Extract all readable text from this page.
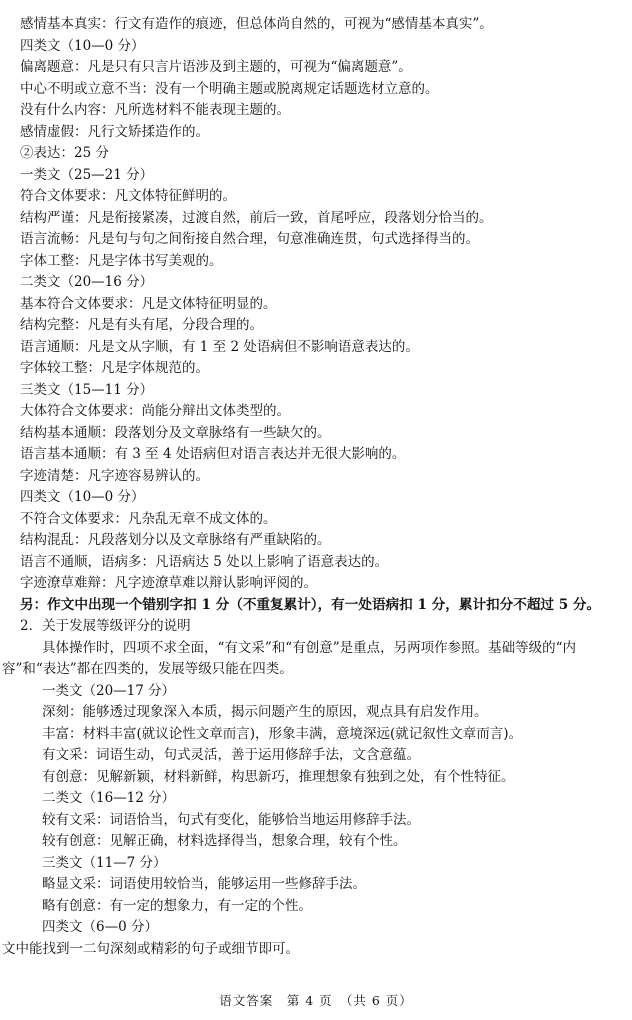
感情基本真实：行文有造作的痕迹，但总体尚自然的，可视为“感情基本真实”。
四类文（10—0 分）
偏离题意：凡是只有只言片语涉及到主题的，可视为“偏离题意”。
中心不明或立意不当：没有一个明确主题或脱离规定话题选材立意的。
没有什么内容：凡所选材料不能表现主题的。
感情虚假：凡行文矫揉造作的。
②表达：25 分
一类文（25—21 分）
符合文体要求：凡文体特征鲜明的。
结构严谨：凡是衔接紧凑，过渡自然，前后一致，首尾呼应，段落划分恰当的。
语言流畅：凡是句与句之间衔接自然合理，句意准确连贯，句式选择得当的。
字体工整：凡是字体书写美观的。
二类文（20—16 分）
基本符合文体要求：凡是文体特征明显的。
结构完整：凡是有头有尾，分段合理的。
语言通顺：凡是文从字顺，有 1 至 2 处语病但不影响语意表达的。
字体较工整：凡是字体规范的。
三类文（15—11 分）
大体符合文体要求：尚能分辩出文体类型的。
结构基本通顺：段落划分及文章脉络有一些缺欠的。
语言基本通顺：有 3 至 4 处语病但对语言表达并无很大影响的。
字迹清楚：凡字迹容易辨认的。
四类文（10—0 分）
不符合文体要求：凡杂乱无章不成文体的。
结构混乱：凡段落划分以及文章脉络有严重缺陷的。
语言不通顺，语病多：凡语病达 5 处以上影响了语意表达的。
字迹潦草难辩：凡字迹潦草难以辩认影响评阅的。
另：作文中出现一个错别字扣 1 分（不重复累计），有一处语病扣 1 分，累计扣分不超过 5 分。
2．关于发展等级评分的说明
具体操作时，四项不求全面，“有文采”和“有创意”是重点，另两项作参照。基础等级的“内
容”和“表达”都在四类的，发展等级只能在四类。
一类文（20—17 分）
深刻：能够透过现象深入本质，揭示问题产生的原因，观点具有启发作用。
丰富：材料丰富(就议论性文章而言)，形象丰满，意境深远(就记叙性文章而言)。
有文采：词语生动，句式灵活，善于运用修辞手法，文含意蕴。
有创意：见解新颖，材料新鲜，构思新巧，推理想象有独到之处，有个性特征。
二类文（16—12 分）
较有文采：词语恰当，句式有变化，能够恰当地运用修辞手法。
较有创意：见解正确，材料选择得当，想象合理，较有个性。
三类文（11—7 分）
略显文采：词语使用较恰当，能够运用一些修辞手法。
略有创意：有一定的想象力，有一定的个性。
四类文（6—0 分）
文中能找到一二句深刻或精彩的句子或细节即可。
语文答案　第 4 页　（共 6 页）
